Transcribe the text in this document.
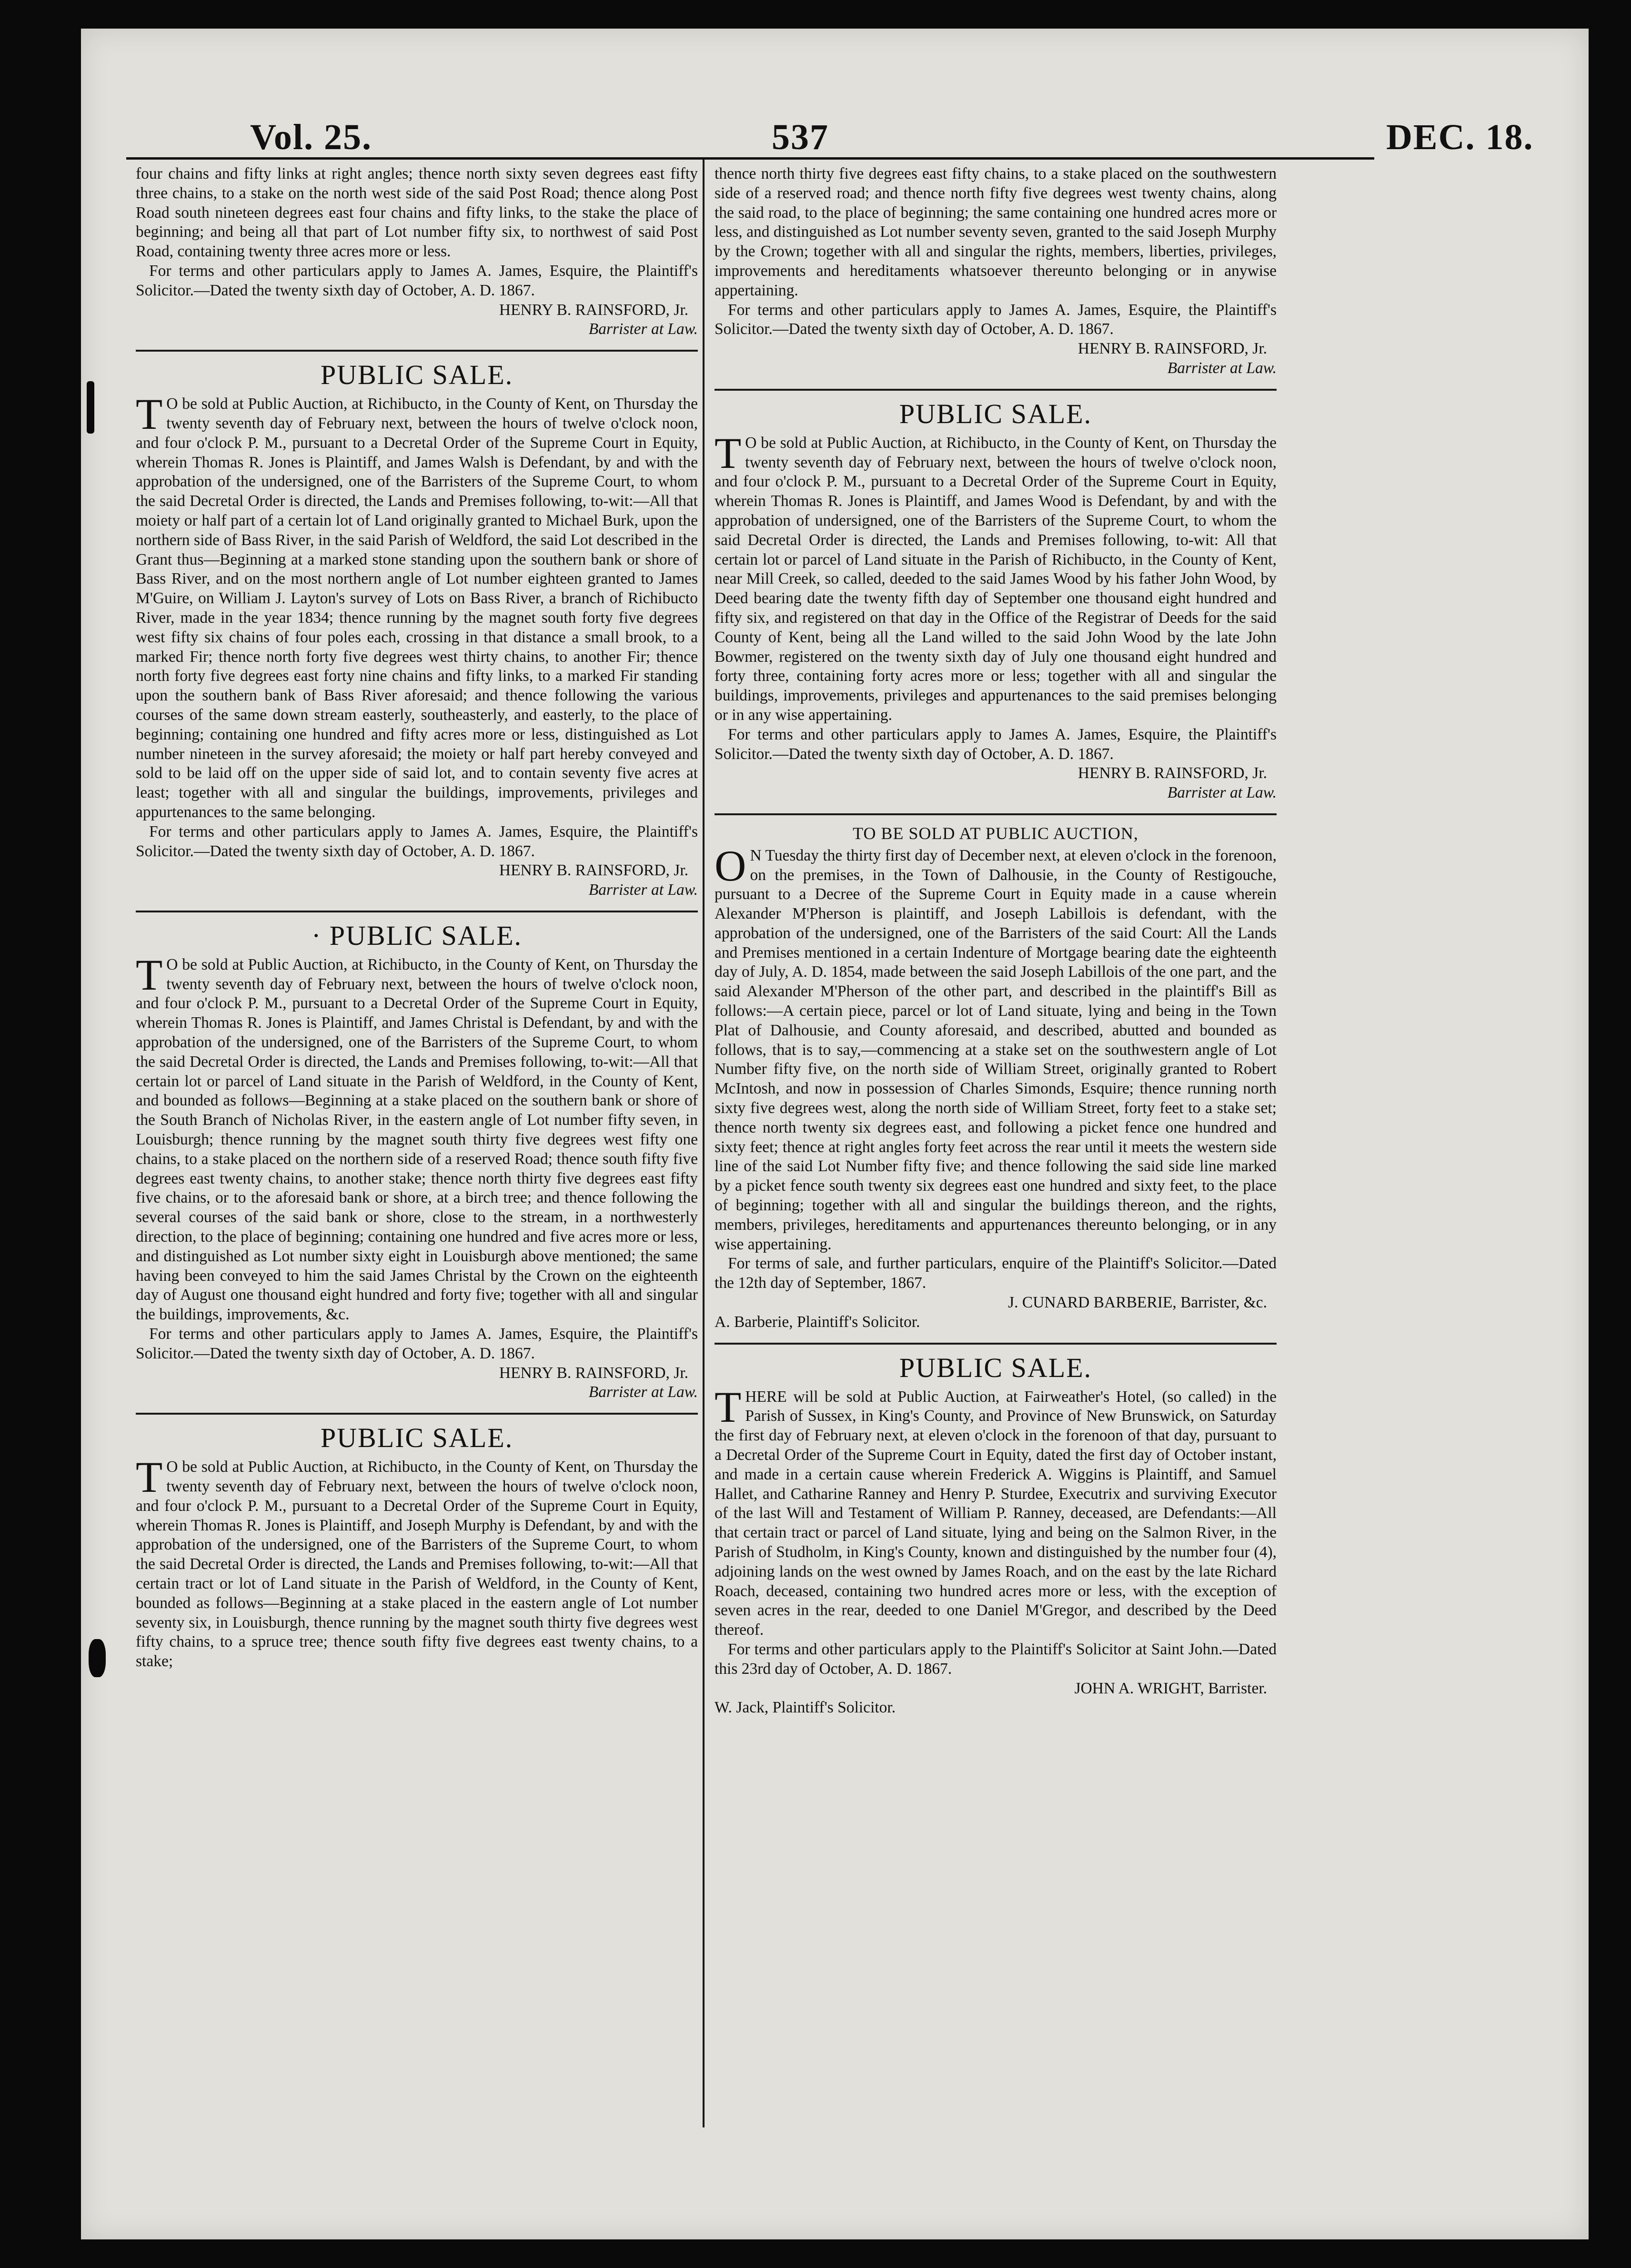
Vol. 25.	537	DEC. 18.

four chains and fifty links at right angles; thence north sixty seven degrees east fifty three chains, to a stake on the north west side of the said Post Road; thence along Post Road south nineteen degrees east four chains and fifty links, to the stake the place of beginning; and being all that part of Lot number fifty six, to northwest of said Post Road, containing twenty three acres more or less.

For terms and other particulars apply to James A. James, Esquire, the Plaintiff's Solicitor.—Dated the twenty sixth day of October, A. D. 1867.

HENRY B. RAINSFORD, Jr.

Barrister at Law.

PUBLIC SALE.

TO be sold at Public Auction, at Richibucto, in the County of Kent, on Thursday the twenty seventh day of February next, between the hours of twelve o'clock noon, and four o'clock P. M., pursuant to a Decretal Order of the Supreme Court in Equity, wherein Thomas R. Jones is Plaintiff, and James Walsh is Defendant, by and with the approbation of the undersigned, one of the Barristers of the Supreme Court, to whom the said Decretal Order is directed, the Lands and Premises following, to-wit:—All that moiety or half part of a certain lot of Land originally granted to Michael Burk, upon the northern side of Bass River, in the said Parish of Weldford, the said Lot described in the Grant thus—Beginning at a marked stone standing upon the southern bank or shore of Bass River, and on the most northern angle of Lot number eighteen granted to James M'Guire, on William J. Layton's survey of Lots on Bass River, a branch of Richibucto River, made in the year 1834; thence running by the magnet south forty five degrees west fifty six chains of four poles each, crossing in that distance a small brook, to a marked Fir; thence north forty five degrees west thirty chains, to another Fir; thence north forty five degrees east forty nine chains and fifty links, to a marked Fir standing upon the southern bank of Bass River aforesaid; and thence following the various courses of the same down stream easterly, southeasterly, and easterly, to the place of beginning; containing one hundred and fifty acres more or less, distinguished as Lot number nineteen in the survey aforesaid; the moiety or half part hereby conveyed and sold to be laid off on the upper side of said lot, and to contain seventy five acres at least; together with all and singular the buildings, improvements, privileges and appurtenances to the same belonging.

For terms and other particulars apply to James A. James, Esquire, the Plaintiff's Solicitor.—Dated the twenty sixth day of October, A. D. 1867.

HENRY B. RAINSFORD, Jr.

Barrister at Law.

· PUBLIC SALE.

TO be sold at Public Auction, at Richibucto, in the County of Kent, on Thursday the twenty seventh day of February next, between the hours of twelve o'clock noon, and four o'clock P. M., pursuant to a Decretal Order of the Supreme Court in Equity, wherein Thomas R. Jones is Plaintiff, and James Christal is Defendant, by and with the approbation of the undersigned, one of the Barristers of the Supreme Court, to whom the said Decretal Order is directed, the Lands and Premises following, to-wit:—All that certain lot or parcel of Land situate in the Parish of Weldford, in the County of Kent, and bounded as follows—Beginning at a stake placed on the southern bank or shore of the South Branch of Nicholas River, in the eastern angle of Lot number fifty seven, in Louisburgh; thence running by the magnet south thirty five degrees west fifty one chains, to a stake placed on the northern side of a reserved Road; thence south fifty five degrees east twenty chains, to another stake; thence north thirty five degrees east fifty five chains, or to the aforesaid bank or shore, at a birch tree; and thence following the several courses of the said bank or shore, close to the stream, in a northwesterly direction, to the place of beginning; containing one hundred and five acres more or less, and distinguished as Lot number sixty eight in Louisburgh above mentioned; the same having been conveyed to him the said James Christal by the Crown on the eighteenth day of August one thousand eight hundred and forty five; together with all and singular the buildings, improvements, &c.

For terms and other particulars apply to James A. James, Esquire, the Plaintiff's Solicitor.—Dated the twenty sixth day of October, A. D. 1867.

HENRY B. RAINSFORD, Jr.

Barrister at Law.

PUBLIC SALE.

TO be sold at Public Auction, at Richibucto, in the County of Kent, on Thursday the twenty seventh day of February next, between the hours of twelve o'clock noon, and four o'clock P. M., pursuant to a Decretal Order of the Supreme Court in Equity, wherein Thomas R. Jones is Plaintiff, and Joseph Murphy is Defendant, by and with the approbation of the undersigned, one of the Barristers of the Supreme Court, to whom the said Decretal Order is directed, the Lands and Premises following, to-wit:—All that certain tract or lot of Land situate in the Parish of Weldford, in the County of Kent, bounded as follows—Beginning at a stake placed in the eastern angle of Lot number seventy six, in Louisburgh, thence running by the magnet south thirty five degrees west fifty chains, to a spruce tree; thence south fifty five degrees east twenty chains, to a stake;

thence north thirty five degrees east fifty chains, to a stake placed on the southwestern side of a reserved road; and thence north fifty five degrees west twenty chains, along the said road, to the place of beginning; the same containing one hundred acres more or less, and distinguished as Lot number seventy seven, granted to the said Joseph Murphy by the Crown; together with all and singular the rights, members, liberties, privileges, improvements and hereditaments whatsoever thereunto belonging or in anywise appertaining.

For terms and other particulars apply to James A. James, Esquire, the Plaintiff's Solicitor.—Dated the twenty sixth day of October, A. D. 1867.

HENRY B. RAINSFORD, Jr.

Barrister at Law.

PUBLIC SALE.

TO be sold at Public Auction, at Richibucto, in the County of Kent, on Thursday the twenty seventh day of February next, between the hours of twelve o'clock noon, and four o'clock P. M., pursuant to a Decretal Order of the Supreme Court in Equity, wherein Thomas R. Jones is Plaintiff, and James Wood is Defendant, by and with the approbation of undersigned, one of the Barristers of the Supreme Court, to whom the said Decretal Order is directed, the Lands and Premises following, to-wit: All that certain lot or parcel of Land situate in the Parish of Richibucto, in the County of Kent, near Mill Creek, so called, deeded to the said James Wood by his father John Wood, by Deed bearing date the twenty fifth day of September one thousand eight hundred and fifty six, and registered on that day in the Office of the Registrar of Deeds for the said County of Kent, being all the Land willed to the said John Wood by the late John Bowmer, registered on the twenty sixth day of July one thousand eight hundred and forty three, containing forty acres more or less; together with all and singular the buildings, improvements, privileges and appurtenances to the said premises belonging or in any wise appertaining.

For terms and other particulars apply to James A. James, Esquire, the Plaintiff's Solicitor.—Dated the twenty sixth day of October, A. D. 1867.

HENRY B. RAINSFORD, Jr.

Barrister at Law.

TO BE SOLD AT PUBLIC AUCTION,

ON Tuesday the thirty first day of December next, at eleven o'clock in the forenoon, on the premises, in the Town of Dalhousie, in the County of Restigouche, pursuant to a Decree of the Supreme Court in Equity made in a cause wherein Alexander M'Pherson is plaintiff, and Joseph Labillois is defendant, with the approbation of the undersigned, one of the Barristers of the said Court: All the Lands and Premises mentioned in a certain Indenture of Mortgage bearing date the eighteenth day of July, A. D. 1854, made between the said Joseph Labillois of the one part, and the said Alexander M'Pherson of the other part, and described in the plaintiff's Bill as follows:—A certain piece, parcel or lot of Land situate, lying and being in the Town Plat of Dalhousie, and County aforesaid, and described, abutted and bounded as follows, that is to say,—commencing at a stake set on the southwestern angle of Lot Number fifty five, on the north side of William Street, originally granted to Robert McIntosh, and now in possession of Charles Simonds, Esquire; thence running north sixty five degrees west, along the north side of William Street, forty feet to a stake set; thence north twenty six degrees east, and following a picket fence one hundred and sixty feet; thence at right angles forty feet across the rear until it meets the western side line of the said Lot Number fifty five; and thence following the said side line marked by a picket fence south twenty six degrees east one hundred and sixty feet, to the place of beginning; together with all and singular the buildings thereon, and the rights, members, privileges, hereditaments and appurtenances thereunto belonging, or in any wise appertaining.

For terms of sale, and further particulars, enquire of the Plaintiff's Solicitor.—Dated the 12th day of September, 1867.

J. CUNARD BARBERIE, Barrister, &c.

A. Barberie, Plaintiff's Solicitor.

PUBLIC SALE.

THERE will be sold at Public Auction, at Fairweather's Hotel, (so called) in the Parish of Sussex, in King's County, and Province of New Brunswick, on Saturday the first day of February next, at eleven o'clock in the forenoon of that day, pursuant to a Decretal Order of the Supreme Court in Equity, dated the first day of October instant, and made in a certain cause wherein Frederick A. Wiggins is Plaintiff, and Samuel Hallet, and Catharine Ranney and Henry P. Sturdee, Executrix and surviving Executor of the last Will and Testament of William P. Ranney, deceased, are Defendants:—All that certain tract or parcel of Land situate, lying and being on the Salmon River, in the Parish of Studholm, in King's County, known and distinguished by the number four (4), adjoining lands on the west owned by James Roach, and on the east by the late Richard Roach, deceased, containing two hundred acres more or less, with the exception of seven acres in the rear, deeded to one Daniel M'Gregor, and described by the Deed thereof.

For terms and other particulars apply to the Plaintiff's Solicitor at Saint John.—Dated this 23rd day of October, A. D. 1867.

JOHN A. WRIGHT, Barrister.

W. Jack, Plaintiff's Solicitor.
